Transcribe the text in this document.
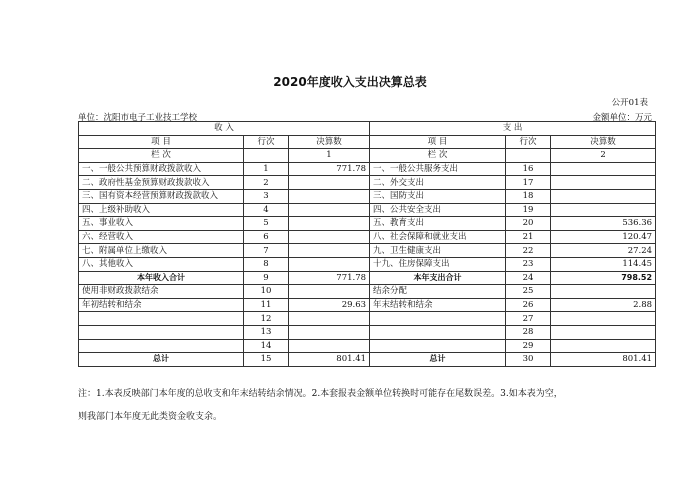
2020年度收入支出决算总表
公开01表
单位：沈阳市电子工业技工学校	金额单位：万元
收 入			支 出		
项 目	行次	决算数	项 目	行次	决算数
栏 次		1	栏 次		2
一、一般公共预算财政拨款收入	1	771.78	一、一般公共服务支出	16	
二、政府性基金预算财政拨款收入	2		二、外交支出	17	
三、国有资本经营预算财政拨款收入	3		三、国防支出	18	
四、上级补助收入	4		四、公共安全支出	19	
五、事业收入	5		五、教育支出	20	536.36
六、经营收入	6		八、社会保障和就业支出	21	120.47
七、附属单位上缴收入	7		九、卫生健康支出	22	27.24
八、其他收入	8		十九、住房保障支出	23	114.45
本年收入合计	9	771.78	本年支出合计	24	798.52
使用非财政拨款结余	10		结余分配	25	
年初结转和结余	11	29.63	年末结转和结余	26	2.88
	12			27	
	13			28	
	14			29	
总计	15	801.41	总计	30	801.41
注：1.本表反映部门本年度的总收支和年末结转结余情况。2.本套报表金额单位转换时可能存在尾数误差。3.如本表为空，
则我部门本年度无此类资金收支余。
